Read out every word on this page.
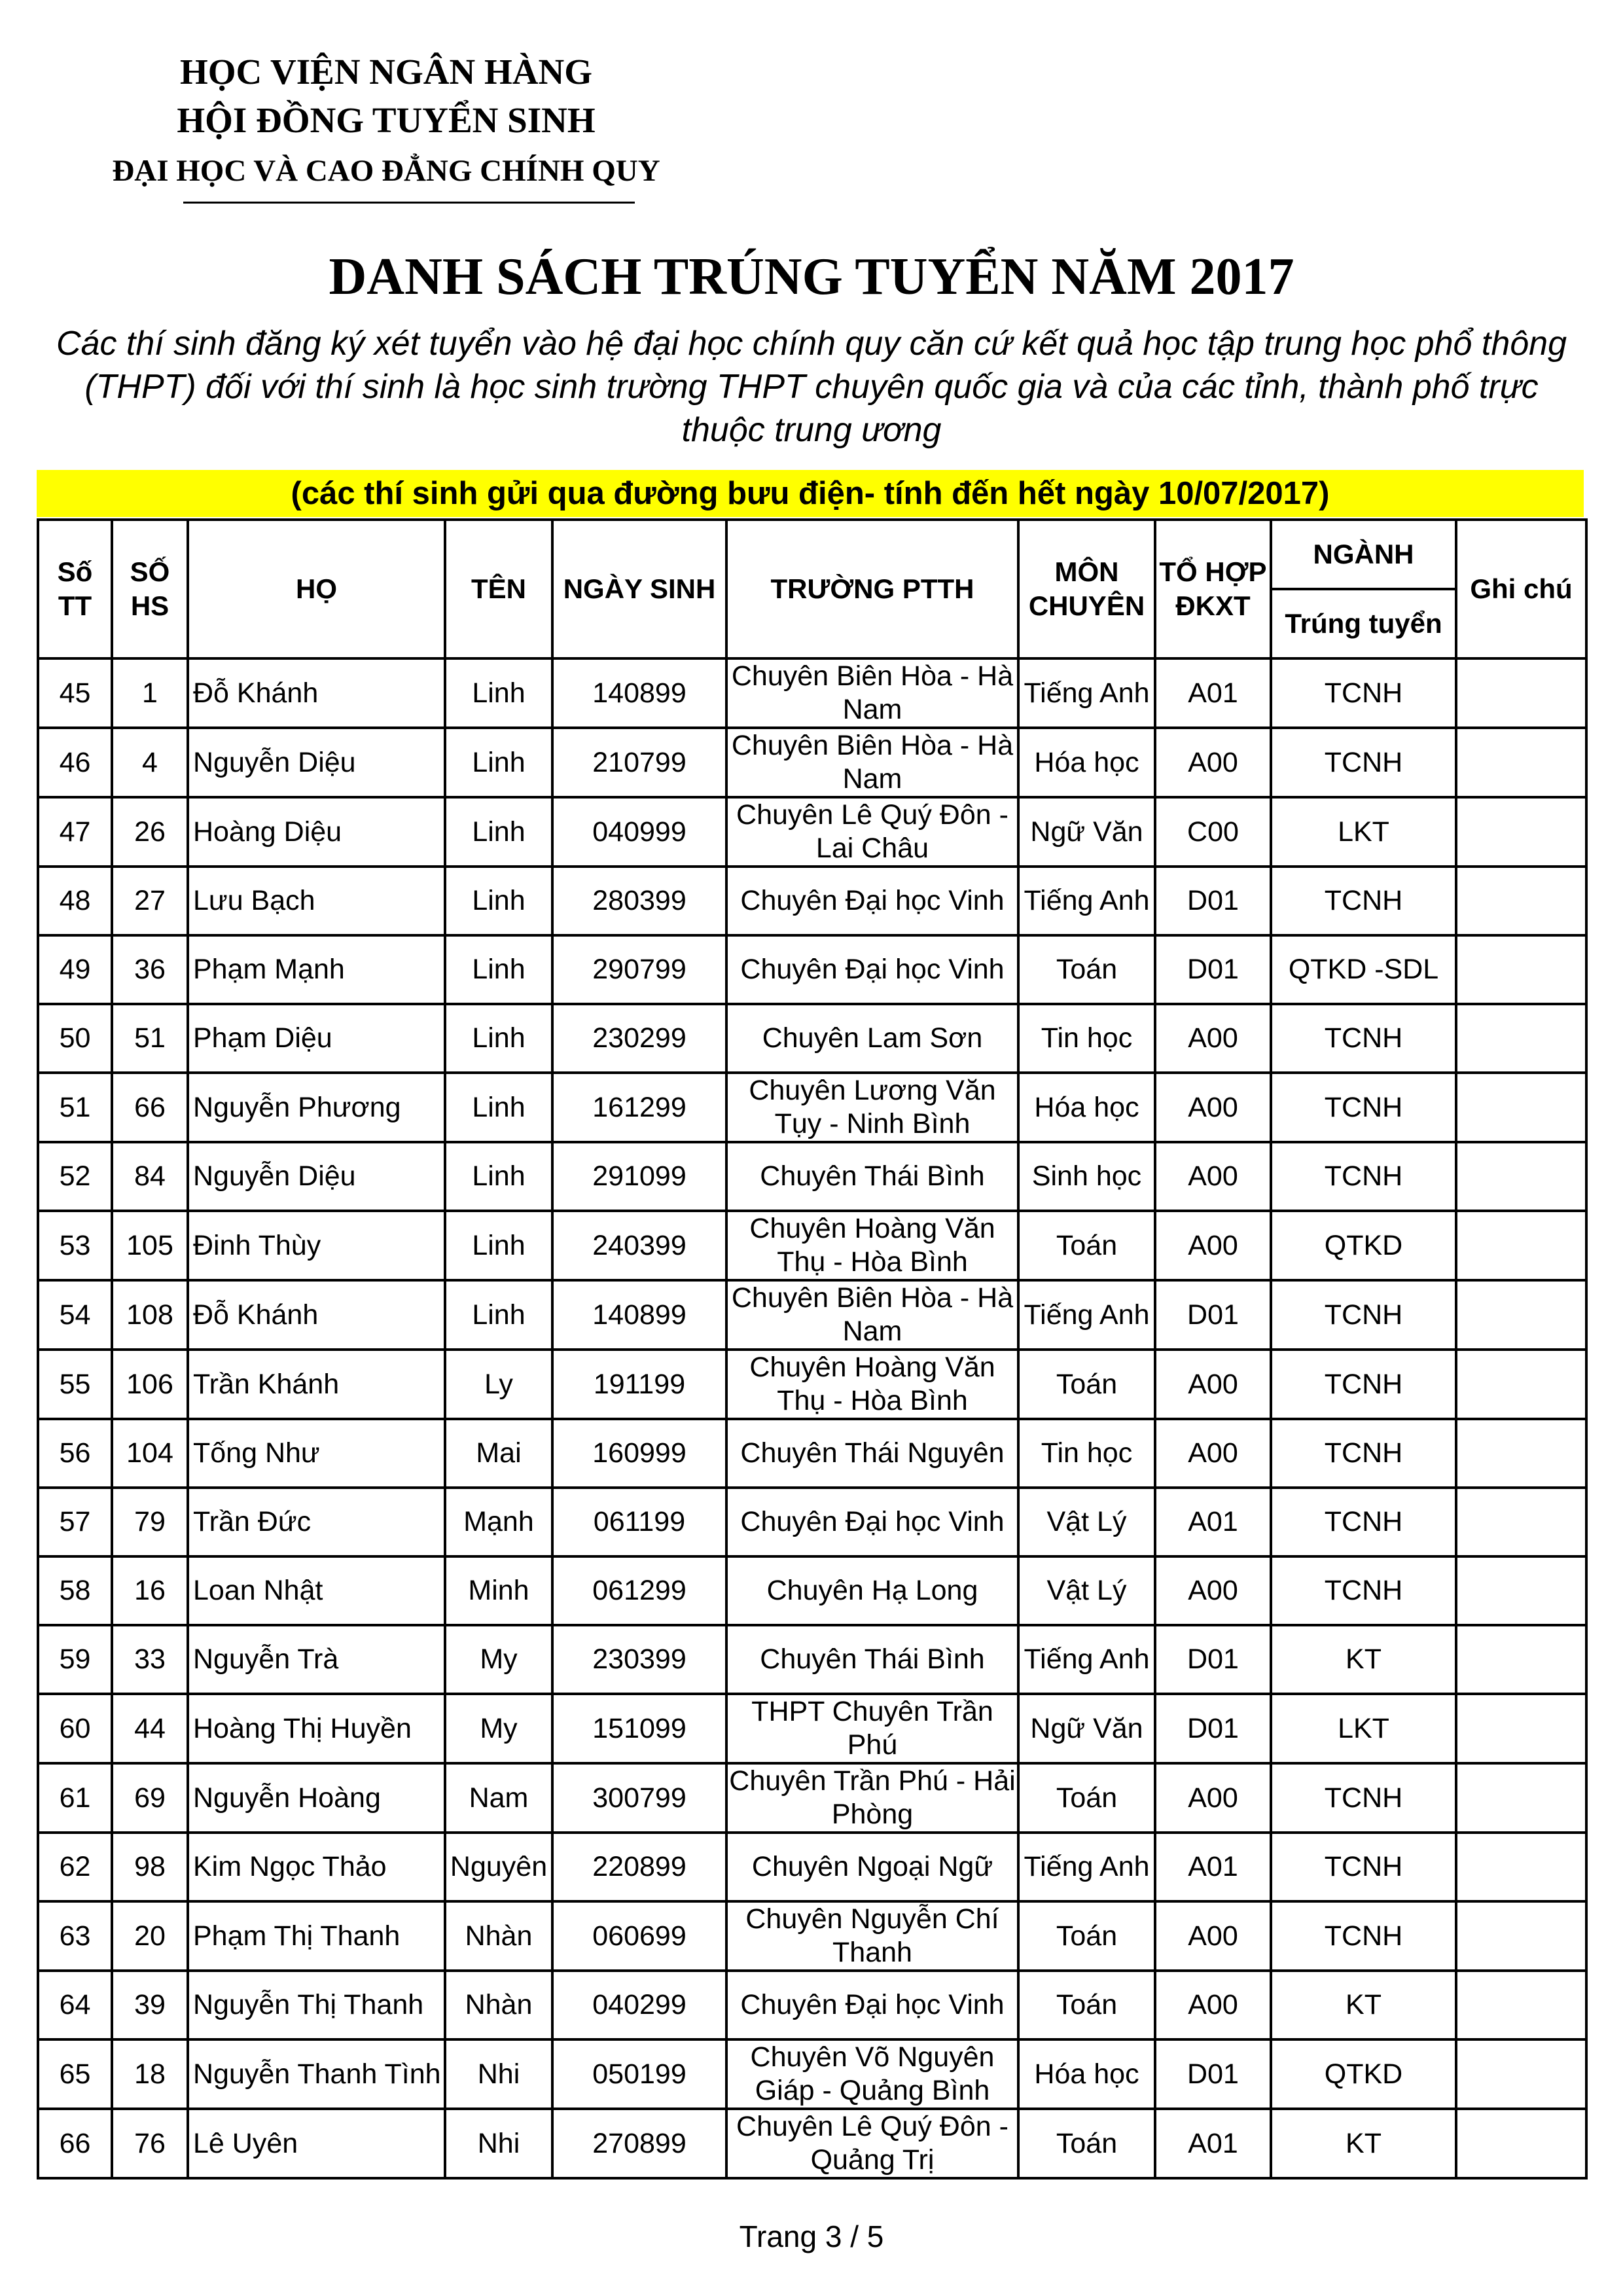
HỌC VIỆN NGÂN HÀNG
HỘI ĐỒNG TUYỂN SINH
ĐẠI HỌC VÀ CAO ĐẲNG CHÍNH QUY
DANH SÁCH TRÚNG TUYỂN NĂM 2017
Các thí sinh đăng ký xét tuyển vào hệ đại học chính quy căn cứ kết quả học tập trung học phổ thông (THPT) đối với thí sinh là học sinh trường THPT chuyên quốc gia và của các tỉnh, thành phố trực thuộc trung ương
(các thí sinh gửi qua đường bưu điện- tính đến hết ngày 10/07/2017)
Số TT	SỐ HS	HỌ	TÊN	NGÀY SINH	TRƯỜNG PTTH	MÔN CHUYÊN	TỔ HỢP ĐKXT	NGÀNH	Ghi chú
								Trúng tuyển	
45	1	Đỗ Khánh	Linh	140899	Chuyên Biên Hòa - Hà Nam	Tiếng Anh	A01	TCNH	
46	4	Nguyễn Diệu	Linh	210799	Chuyên Biên Hòa - Hà Nam	Hóa học	A00	TCNH	
47	26	Hoàng Diệu	Linh	040999	Chuyên Lê Quý Đôn - Lai Châu	Ngữ Văn	C00	LKT	
48	27	Lưu Bạch	Linh	280399	Chuyên Đại học Vinh	Tiếng Anh	D01	TCNH	
49	36	Phạm Mạnh	Linh	290799	Chuyên Đại học Vinh	Toán	D01	QTKD -SDL	
50	51	Phạm Diệu	Linh	230299	Chuyên Lam Sơn	Tin học	A00	TCNH	
51	66	Nguyễn Phương	Linh	161299	Chuyên Lương Văn Tụy - Ninh Bình	Hóa học	A00	TCNH	
52	84	Nguyễn Diệu	Linh	291099	Chuyên Thái Bình	Sinh học	A00	TCNH	
53	105	Đinh Thùy	Linh	240399	Chuyên Hoàng Văn Thụ - Hòa Bình	Toán	A00	QTKD	
54	108	Đỗ Khánh	Linh	140899	Chuyên Biên Hòa - Hà Nam	Tiếng Anh	D01	TCNH	
55	106	Trần Khánh	Ly	191199	Chuyên Hoàng Văn Thụ - Hòa Bình	Toán	A00	TCNH	
56	104	Tống Như	Mai	160999	Chuyên Thái Nguyên	Tin học	A00	TCNH	
57	79	Trần Đức	Mạnh	061199	Chuyên Đại học Vinh	Vật Lý	A01	TCNH	
58	16	Loan Nhật	Minh	061299	Chuyên Hạ Long	Vật Lý	A00	TCNH	
59	33	Nguyễn Trà	My	230399	Chuyên Thái Bình	Tiếng Anh	D01	KT	
60	44	Hoàng Thị Huyền	My	151099	THPT Chuyên Trần Phú	Ngữ Văn	D01	LKT	
61	69	Nguyễn Hoàng	Nam	300799	Chuyên Trần Phú - Hải Phòng	Toán	A00	TCNH	
62	98	Kim Ngọc Thảo	Nguyên	220899	Chuyên Ngoại Ngữ	Tiếng Anh	A01	TCNH	
63	20	Phạm Thị Thanh	Nhàn	060699	Chuyên Nguyễn Chí Thanh	Toán	A00	TCNH	
64	39	Nguyễn Thị Thanh	Nhàn	040299	Chuyên Đại học Vinh	Toán	A00	KT	
65	18	Nguyễn Thanh Tình	Nhi	050199	Chuyên Võ Nguyên Giáp - Quảng Bình	Hóa học	D01	QTKD	
66	76	Lê Uyên	Nhi	270899	Chuyên Lê Quý Đôn - Quảng Trị	Toán	A01	KT	
Trang 3 / 5
